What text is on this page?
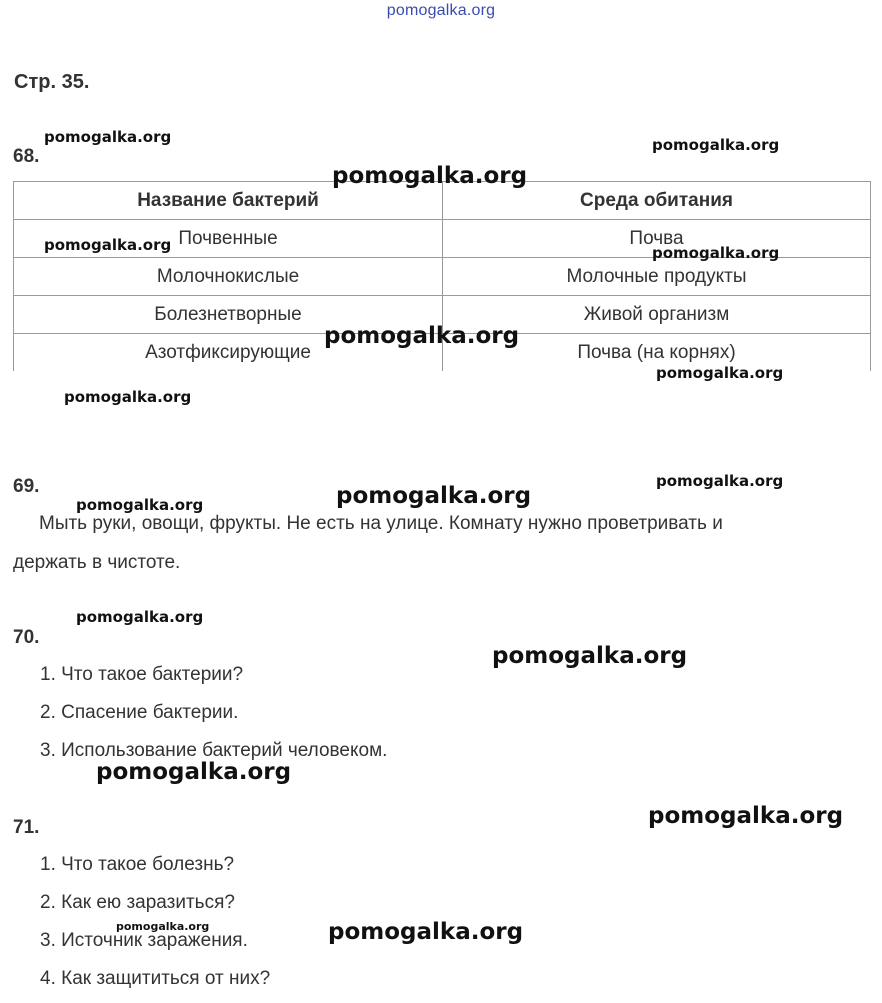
pomogalka.org
Стр. 35.
68.
Название бактерий	Среда обитания
Почвенные	Почва
Молочнокислые	Молочные продукты
Болезнетворные	Живой организм
Азотфиксирующие	Почва (на корнях)
69.
Мыть руки, овощи, фрукты. Не есть на улице. Комнату нужно проветривать и
держать в чистоте.
70.
1. Что такое бактерии?
2. Спасение бактерии.
3. Использование бактерий человеком.
71.
1. Что такое болезнь?
2. Как ею заразиться?
3. Источник заражения.
4. Как защититься от них?
pomogalka.org	pomogalka.org
pomogalka.org
pomogalka.org	pomogalka.org
pomogalka.org
pomogalka.org
pomogalka.org
pomogalka.org
pomogalka.org
pomogalka.org
pomogalka.org
pomogalka.org
pomogalka.org
pomogalka.org
pomogalka.org	pomogalka.org
